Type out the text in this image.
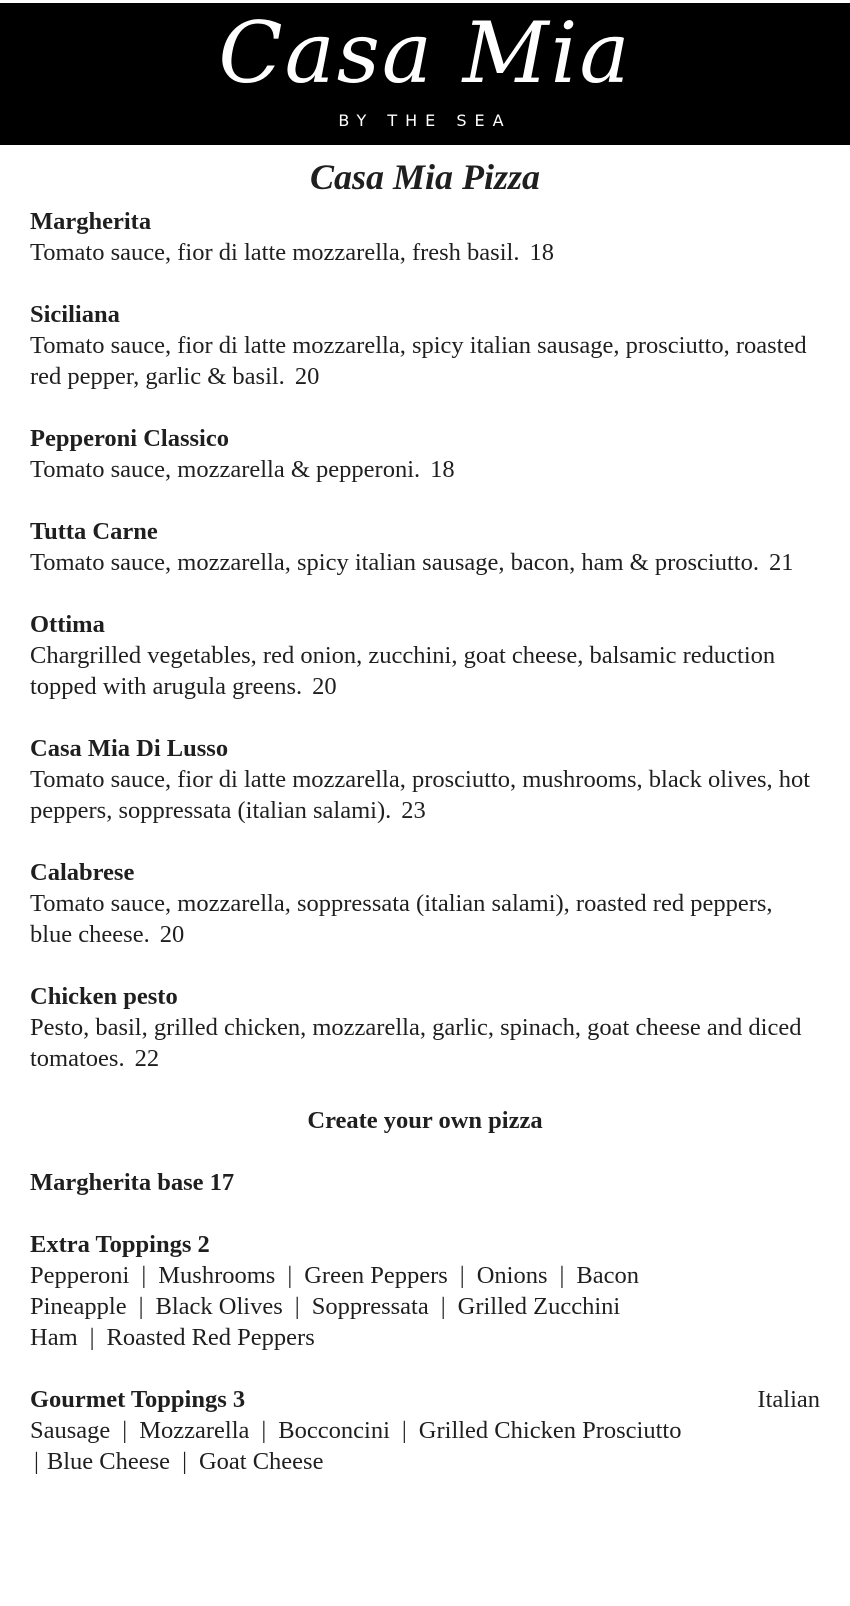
Casa Mia
BY THE SEA
Casa Mia Pizza
Margherita
Tomato sauce, fior di latte mozzarella, fresh basil. 18
Siciliana
Tomato sauce, fior di latte mozzarella, spicy italian sausage, prosciutto, roasted red pepper, garlic & basil. 20
Pepperoni Classico
Tomato sauce, mozzarella & pepperoni. 18
Tutta Carne
Tomato sauce, mozzarella, spicy italian sausage, bacon, ham & prosciutto. 21
Ottima
Chargrilled vegetables, red onion, zucchini, goat cheese, balsamic reduction topped with arugula greens. 20
Casa Mia Di Lusso
Tomato sauce, fior di latte mozzarella, prosciutto, mushrooms, black olives, hot peppers, soppressata (italian salami). 23
Calabrese
Tomato sauce, mozzarella, soppressata (italian salami), roasted red peppers, blue cheese. 20
Chicken pesto
Pesto, basil, grilled chicken, mozzarella, garlic, spinach, goat cheese and diced tomatoes. 22
Create your own pizza
Margherita base 17
Extra Toppings 2
Pepperoni | Mushrooms | Green Peppers | Onions | Bacon
Pineapple | Black Olives | Soppressata | Grilled Zucchini
Ham | Roasted Red Peppers
Gourmet Toppings 3	Italian
Sausage | Mozzarella | Bocconcini | Grilled Chicken Prosciutto
| Blue Cheese | Goat Cheese
